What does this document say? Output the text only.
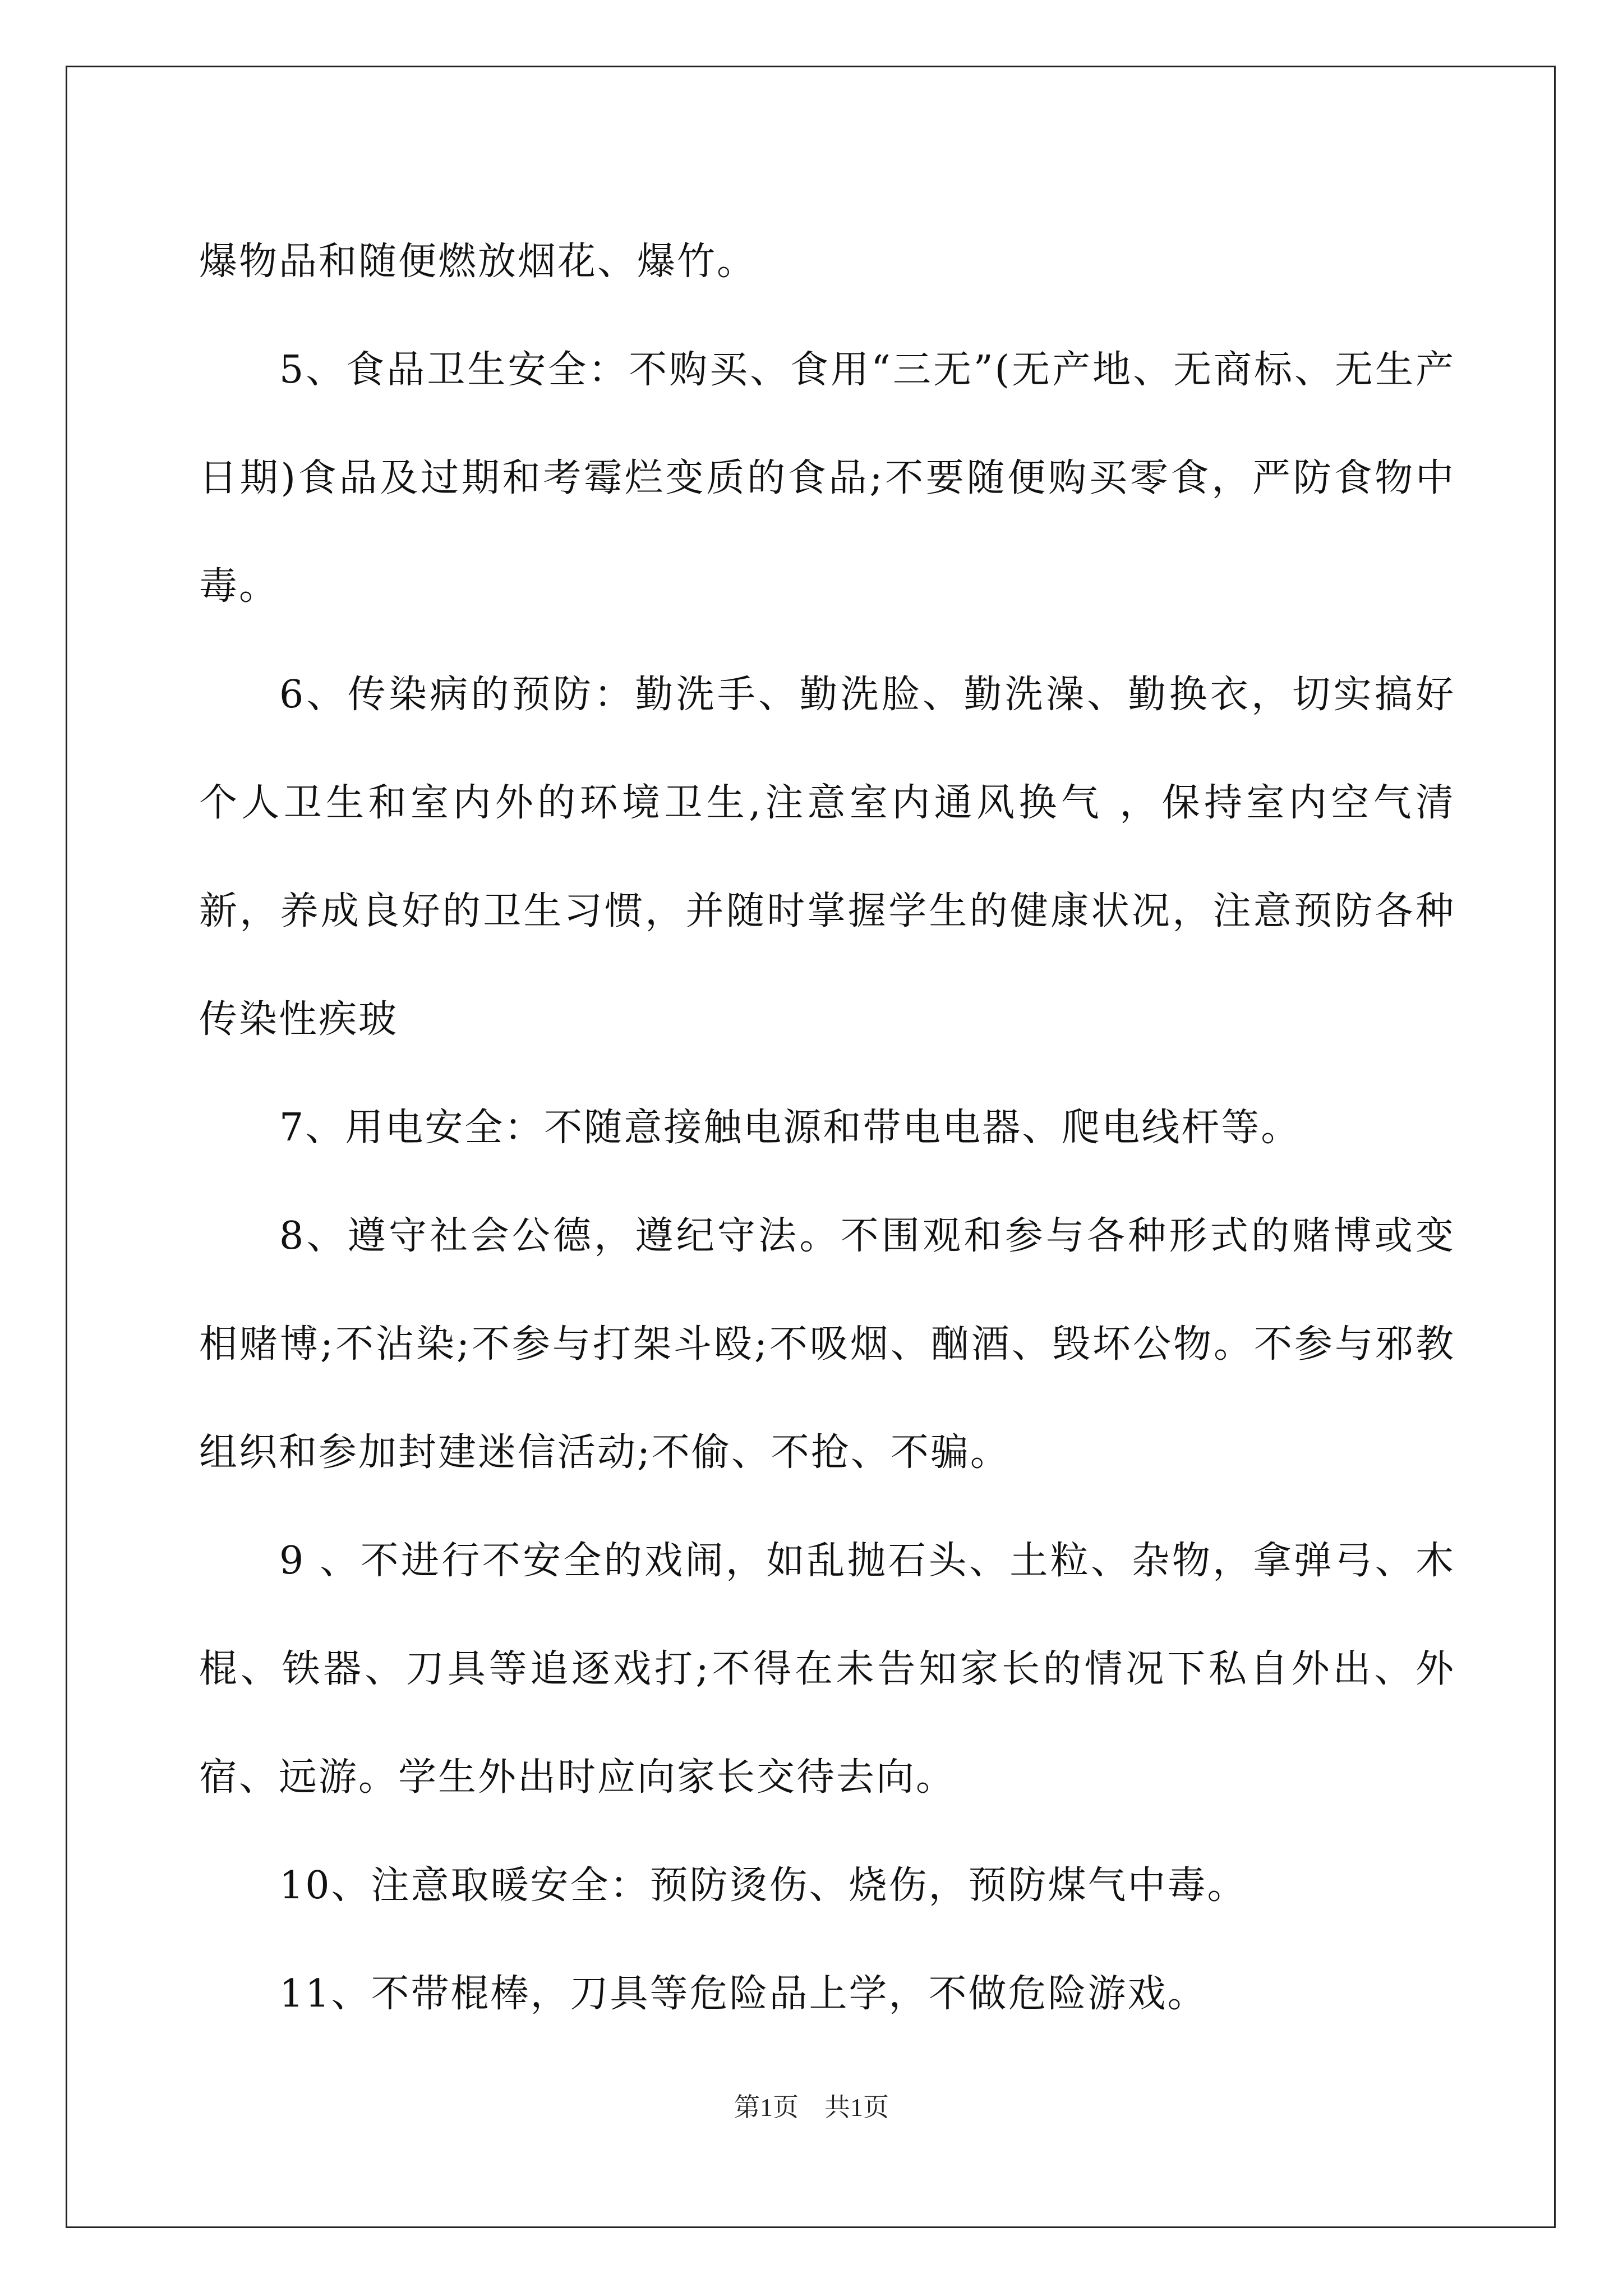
爆物品和随便燃放烟花、爆竹。

5、食品卫生安全：不购买、食用“三无”(无产地、无商标、无生产日期)食品及过期和考霉烂变质的食品;不要随便购买零食，严防食物中毒。

6、传染病的预防：勤洗手、勤洗脸、勤洗澡、勤换衣，切实搞好个人卫生和室内外的环境卫生,注意室内通风换气 ，保持室内空气清新，养成良好的卫生习惯，并随时掌握学生的健康状况，注意预防各种传染性疾玻

7、用电安全：不随意接触电源和带电电器、爬电线杆等。

8、遵守社会公德，遵纪守法。不围观和参与各种形式的赌博或变相赌博;不沾染;不参与打架斗殴;不吸烟、酗酒、毁坏公物。不参与邪教组织和参加封建迷信活动;不偷、不抢、不骗。

9 、不进行不安全的戏闹，如乱抛石头、土粒、杂物，拿弹弓、木棍、铁器、刀具等追逐戏打;不得在未告知家长的情况下私自外出、外宿、远游。学生外出时应向家长交待去向。

10、注意取暖安全：预防烫伤、烧伤，预防煤气中毒。

11、不带棍棒，刀具等危险品上学，不做危险游戏。

第1页　共1页
